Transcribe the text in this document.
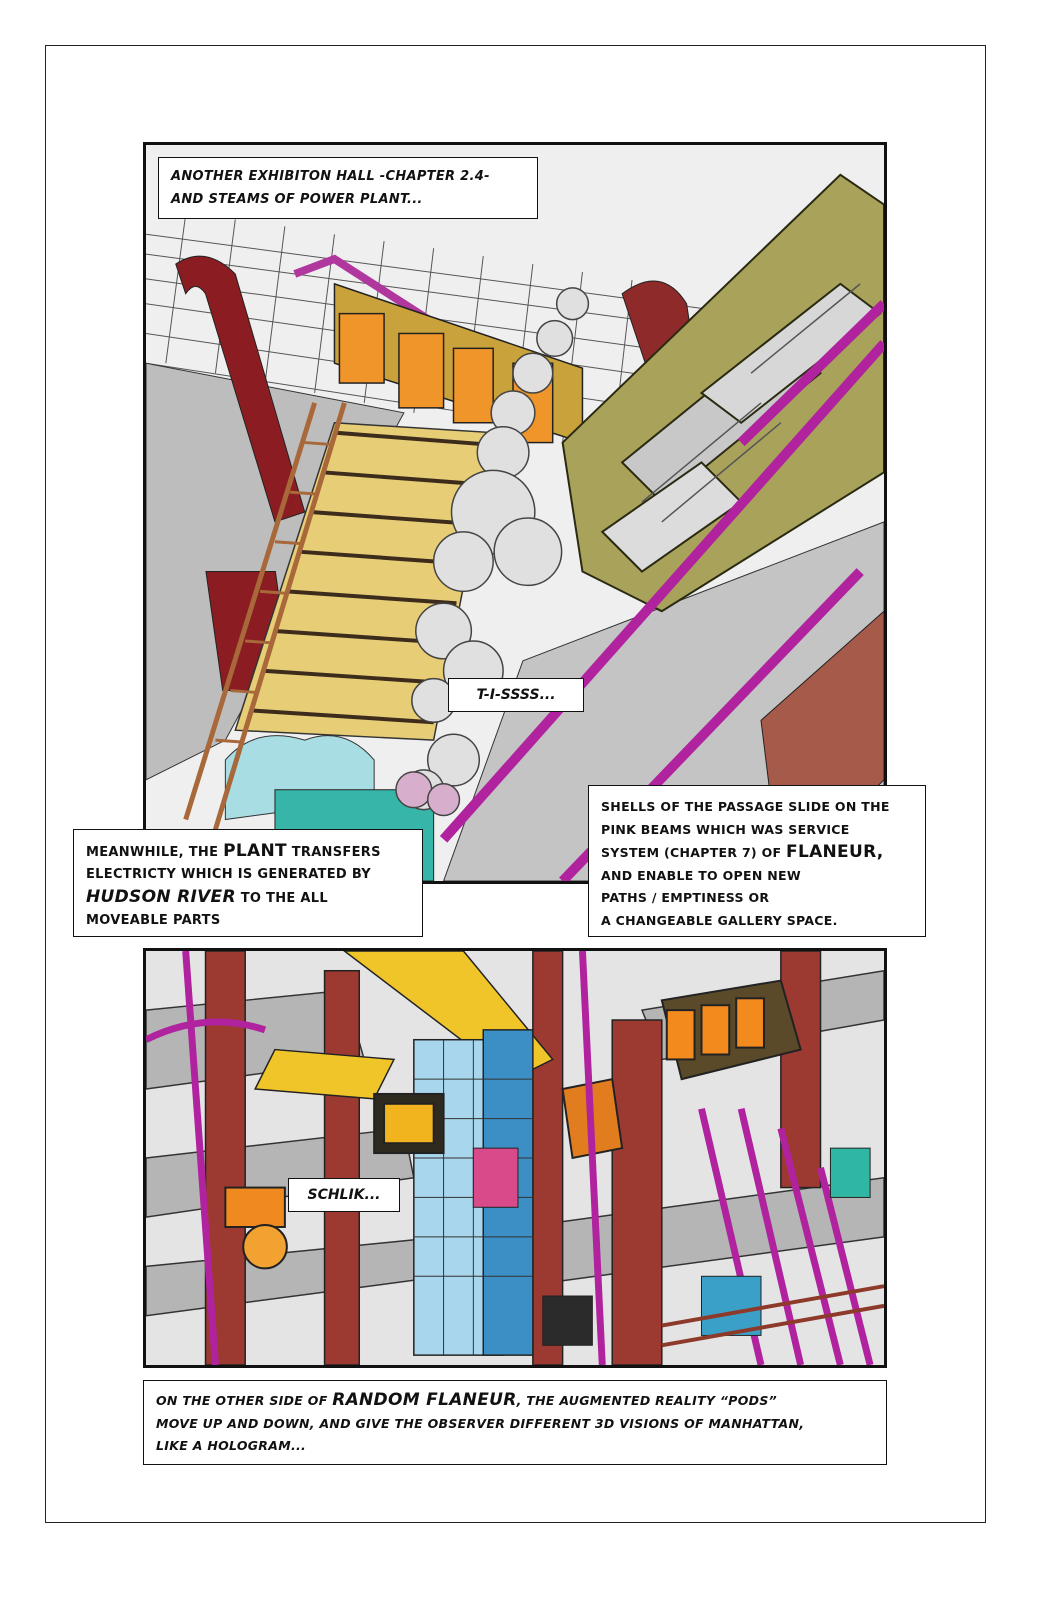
ANOTHER EXHIBITON HALL -CHAPTER 2.4-
AND STEAMS OF POWER PLANT...
T-I-SSSS...
MEANWHILE, THE PLANT TRANSFERS
ELECTRICTY WHICH IS GENERATED BY
HUDSON RIVER TO THE ALL
MOVEABLE PARTS
SHELLS OF THE PASSAGE SLIDE ON THE
PINK BEAMS WHICH WAS SERVICE
SYSTEM (CHAPTER 7) OF FLANEUR,
AND ENABLE TO OPEN NEW
PATHS / EMPTINESS OR
A CHANGEABLE GALLERY SPACE.
SCHLIK...
ON THE OTHER SIDE OF RANDOM FLANEUR, THE AUGMENTED REALITY “PODS”
MOVE UP AND DOWN, AND GIVE THE OBSERVER DIFFERENT 3D VISIONS OF MANHATTAN,
LIKE A HOLOGRAM...
